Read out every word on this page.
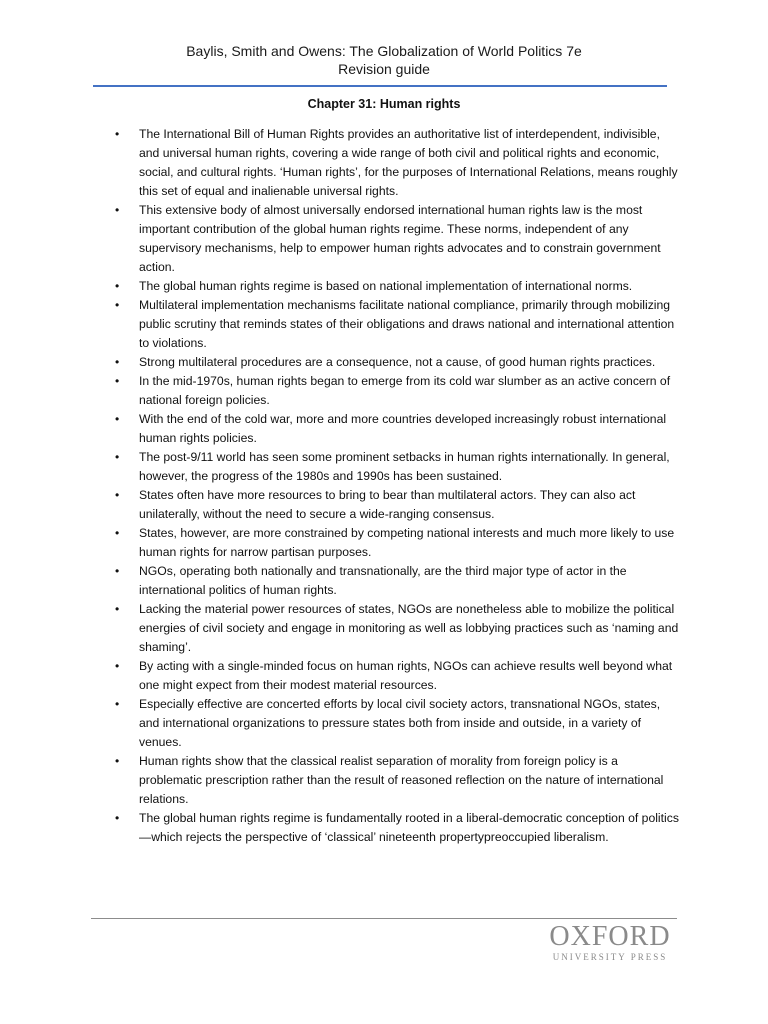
Baylis, Smith and Owens: The Globalization of World Politics 7e
Revision guide
Chapter 31: Human rights
•	The International Bill of Human Rights provides an authoritative list of interdependent, indivisible, and universal human rights, covering a wide range of both civil and political rights and economic, social, and cultural rights. ‘Human rights’, for the purposes of International Relations, means roughly this set of equal and inalienable universal rights.
•	This extensive body of almost universally endorsed international human rights law is the most important contribution of the global human rights regime. These norms, independent of any supervisory mechanisms, help to empower human rights advocates and to constrain government action.
•	The global human rights regime is based on national implementation of international norms.
•	Multilateral implementation mechanisms facilitate national compliance, primarily through mobilizing public scrutiny that reminds states of their obligations and draws national and international attention to violations.
•	Strong multilateral procedures are a consequence, not a cause, of good human rights practices.
•	In the mid-1970s, human rights began to emerge from its cold war slumber as an active concern of national foreign policies.
•	With the end of the cold war, more and more countries developed increasingly robust international human rights policies.
•	The post-9/11 world has seen some prominent setbacks in human rights internationally. In general, however, the progress of the 1980s and 1990s has been sustained.
•	States often have more resources to bring to bear than multilateral actors. They can also act unilaterally, without the need to secure a wide-ranging consensus.
•	States, however, are more constrained by competing national interests and much more likely to use human rights for narrow partisan purposes.
•	NGOs, operating both nationally and transnationally, are the third major type of actor in the international politics of human rights.
•	Lacking the material power resources of states, NGOs are nonetheless able to mobilize the political energies of civil society and engage in monitoring as well as lobbying practices such as ‘naming and shaming’.
•	By acting with a single-minded focus on human rights, NGOs can achieve results well beyond what one might expect from their modest material resources.
•	Especially effective are concerted efforts by local civil society actors, transnational NGOs, states, and international organizations to pressure states both from inside and outside, in a variety of venues.
•	Human rights show that the classical realist separation of morality from foreign policy is a problematic prescription rather than the result of reasoned reflection on the nature of international relations.
•	The global human rights regime is fundamentally rooted in a liberal-democratic conception of politics—which rejects the perspective of ‘classical’ nineteenth propertypreoccupied liberalism.
OXFORD
UNIVERSITY PRESS
